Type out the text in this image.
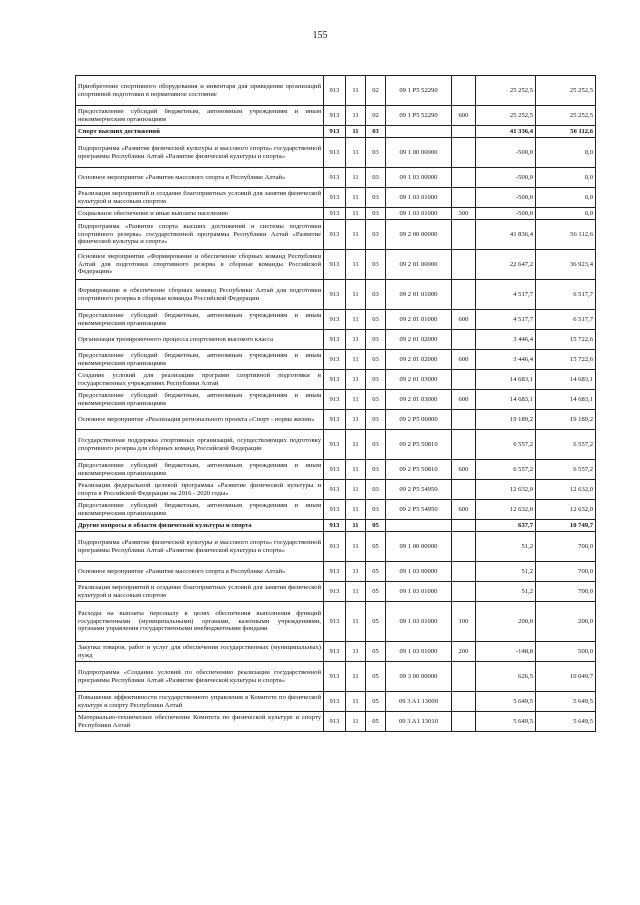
155
Приобретение спортивного оборудования и инвентаря для приведения организаций спортивной подготовки в нормативное состояние	913	11	02	09 1 P5 52290		25 252,5	25 252,5
Предоставление субсидий бюджетным, автономным учреждениям и иным некоммерческим организациям	913	11	02	09 1 P5 52290	600	25 252,5	25 252,5
Спорт высших достижений	913	11	03			41 336,4	56 112,6
Подпрограмма «Развитие физической культуры и массового спорта» государственной программы Республики Алтай «Развитие физической культуры и спорта»	913	11	03	09 1 00 00000		-500,0	0,0
Основное мероприятие «Развитие массового спорта в Республике Алтай»	913	11	03	09 1 03 00000		-500,0	0,0
Реализация мероприятий и создание благоприятных условий для занятия физической культурой и массовым спортом	913	11	03	09 1 03 01000		-500,0	0,0
Социальное обеспечение и иные выплаты населению	913	11	03	09 1 03 01000	300	-500,0	0,0
Подпрограмма «Развитие спорта высших достижений и системы подготовки спортивного резерва» государственной программы Республики Алтай «Развитие физической культуры и спорта»	913	11	03	09 2 00 00000		41 836,4	56 112,6
Основное мероприятие «Формирование и обеспечение сборных команд Республики Алтай для подготовки спортивного резерва в сборные команды Российской Федерации»	913	11	03	09 2 01 00000		22 647,2	36 923,4
Формирование и обеспечение сборных команд Республики Алтай для подготовки спортивного резерва в сборные команды Российской Федерации	913	11	03	09 2 01 01000		4 517,7	6 517,7
Предоставление субсидий бюджетным, автономным учреждениям и иным некоммерческим организациям	913	11	03	09 2 01 01000	600	4 517,7	6 517,7
Организация тренировочного процесса спортсменов высокого класса	913	11	03	09 2 01 02000		3 446,4	15 722,6
Предоставление субсидий бюджетным, автономным учреждениям и иным некоммерческим организациям	913	11	03	09 2 01 02000	600	3 446,4	15 722,6
Создание условий для реализации программ спортивной подготовки в государственных учреждениях Республики Алтай	913	11	03	09 2 01 03000		14 683,1	14 683,1
Предоставление субсидий бюджетным, автономным учреждениям и иным некоммерческим организациям	913	11	03	09 2 01 03000	600	14 683,1	14 683,1
Основное мероприятие «Реализация регионального проекта «Спорт - норма жизни»	913	11	03	09 2 P5 00000		19 189,2	19 189,2
Государственная поддержка спортивных организаций, осуществляющих подготовку спортивного резерва для сборных команд Российской Федерации	913	11	03	09 2 P5 50810		6 557,2	6 557,2
Предоставление субсидий бюджетным, автономным учреждениям и иным некоммерческим организациям	913	11	03	09 2 P5 50810	600	6 557,2	6 557,2
Реализация федеральной целевой программы «Развитие физической культуры и спорта в Российской Федерации на 2016 - 2020 годы»	913	11	03	09 2 P5 54950		12 632,0	12 632,0
Предоставление субсидий бюджетным, автономным учреждениям и иным некоммерческим организациям	913	11	03	09 2 P5 54950	600	12 632,0	12 632,0
Другие вопросы в области физической культуры и спорта	913	11	05			637,7	10 749,7
Подпрограмма «Развитие физической культуры и массового спорта» государственной программы Республики Алтай «Развитие физической культуры и спорта»	913	11	05	09 1 00 00000		51,2	700,0
Основное мероприятие «Развитие массового спорта в Республике Алтай»	913	11	05	09 1 03 00000		51,2	700,0
Реализация мероприятий и создание благоприятных условий для занятия физической культурой и массовым спортом	913	11	05	09 1 03 01000		51,2	700,0
Расходы на выплаты персоналу в целях обеспечения выполнения функций государственными (муниципальными) органами, казенными учреждениями, органами управления государственными внебюджетными фондами	913	11	05	09 1 03 01000	100	200,0	200,0
Закупка товаров, работ и услуг для обеспечения государственных (муниципальных) нужд	913	11	05	09 1 03 01000	200	-148,8	500,0
Подпрограмма «Создание условий по обеспечению реализации государственной программы Республики Алтай «Развитие физической культуры и спорта»	913	11	05	09 3 00 00000		626,5	10 049,7
Повышение эффективности государственного управления в Комитете по физической культуре и спорту Республики Алтай	913	11	05	09 3 A1 13000		5 649,5	5 649,5
Материально-техническое обеспечение Комитета по физической культуре и спорту Республики Алтай	913	11	05	09 3 A1 13010		5 649,5	5 649,5
